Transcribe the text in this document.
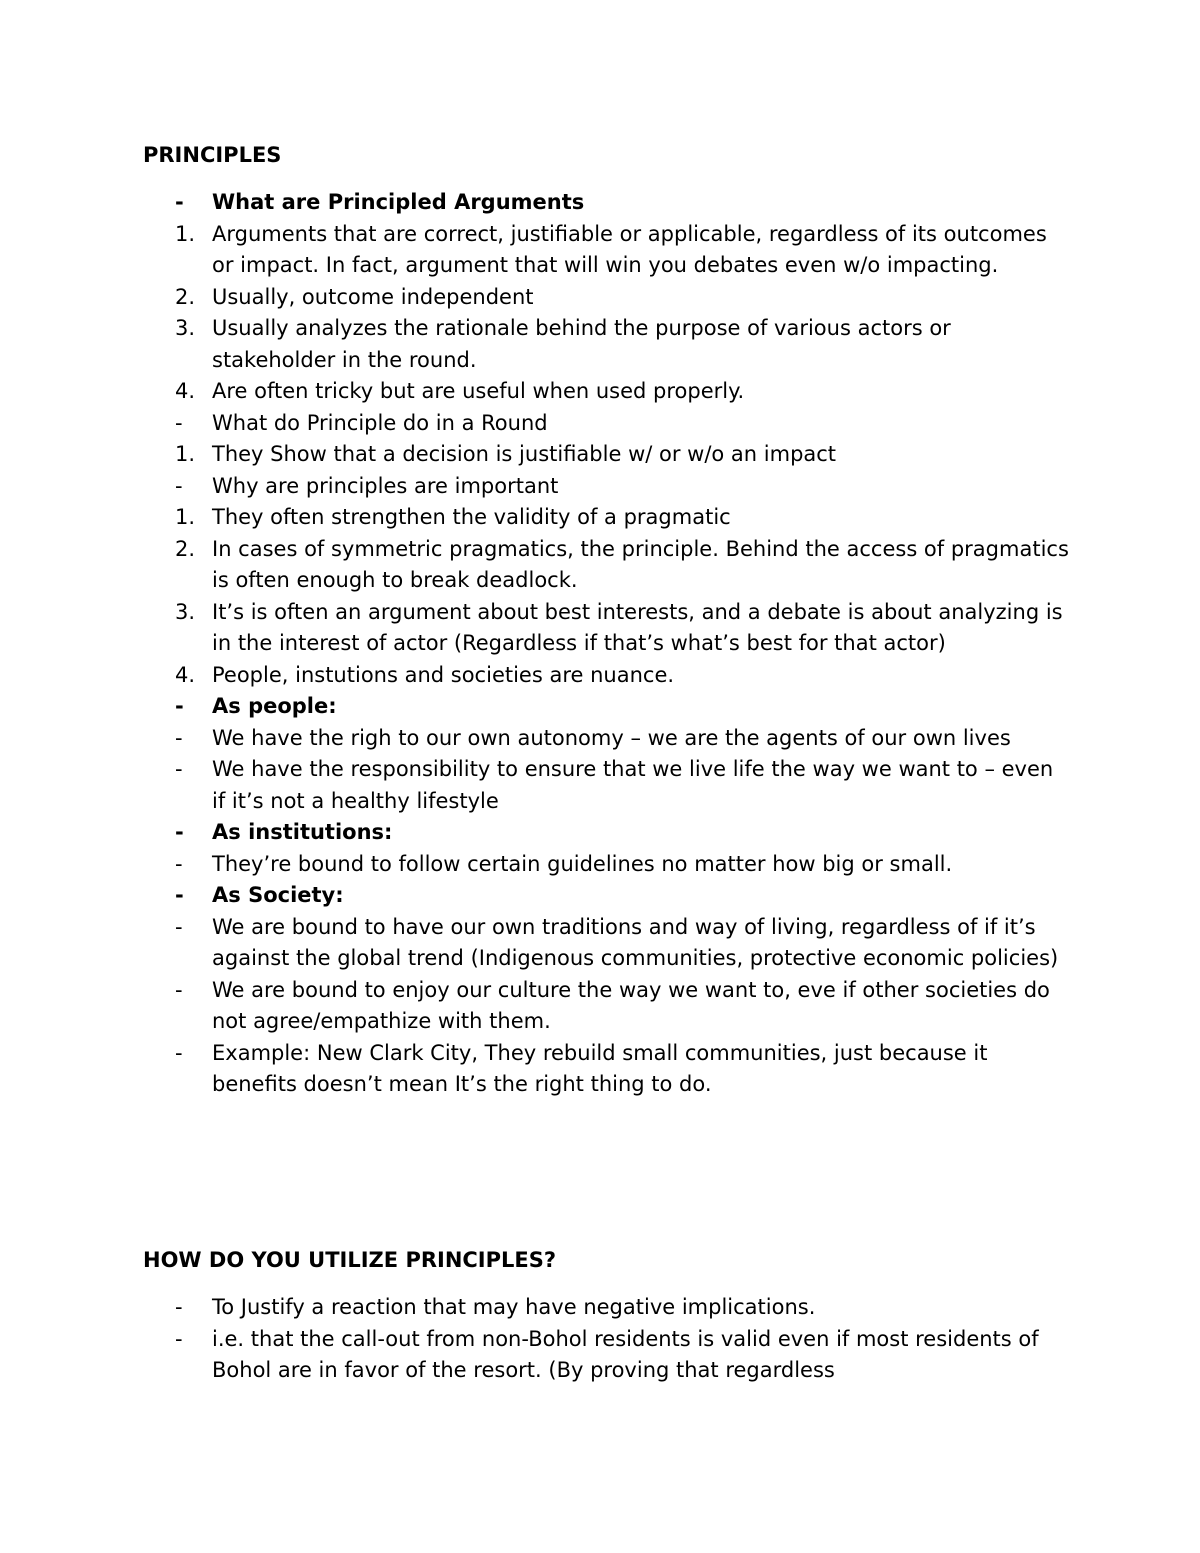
PRINCIPLES
- What are Principled Arguments
1. Arguments that are correct, justifiable or applicable, regardless of its outcomes or impact. In fact, argument that will win you debates even w/o impacting.
2. Usually, outcome independent
3. Usually analyzes the rationale behind the purpose of various actors or stakeholder in the round.
4. Are often tricky but are useful when used properly.
- What do Principle do in a Round
1. They Show that a decision is justifiable w/ or w/o an impact
- Why are principles are important
1. They often strengthen the validity of a pragmatic
2. In cases of symmetric pragmatics, the principle. Behind the access of pragmatics is often enough to break deadlock.
3. It’s is often an argument about best interests, and a debate is about analyzing is in the interest of actor (Regardless if that’s what’s best for that actor)
4. People, instutions and societies are nuance.
- As people:
- We have the righ to our own autonomy – we are the agents of our own lives
- We have the responsibility to ensure that we live life the way we want to – even if it’s not a healthy lifestyle
- As institutions:
- They’re bound to follow certain guidelines no matter how big or small.
- As Society:
- We are bound to have our own traditions and way of living, regardless of if it’s against the global trend (Indigenous communities, protective economic policies)
- We are bound to enjoy our culture the way we want to, eve if other societies do not agree/empathize with them.
- Example: New Clark City, They rebuild small communities, just because it benefits doesn’t mean It’s the right thing to do.
HOW DO YOU UTILIZE PRINCIPLES?
- To Justify a reaction that may have negative implications.
- i.e. that the call-out from non-Bohol residents is valid even if most residents of Bohol are in favor of the resort. (By proving that regardless
